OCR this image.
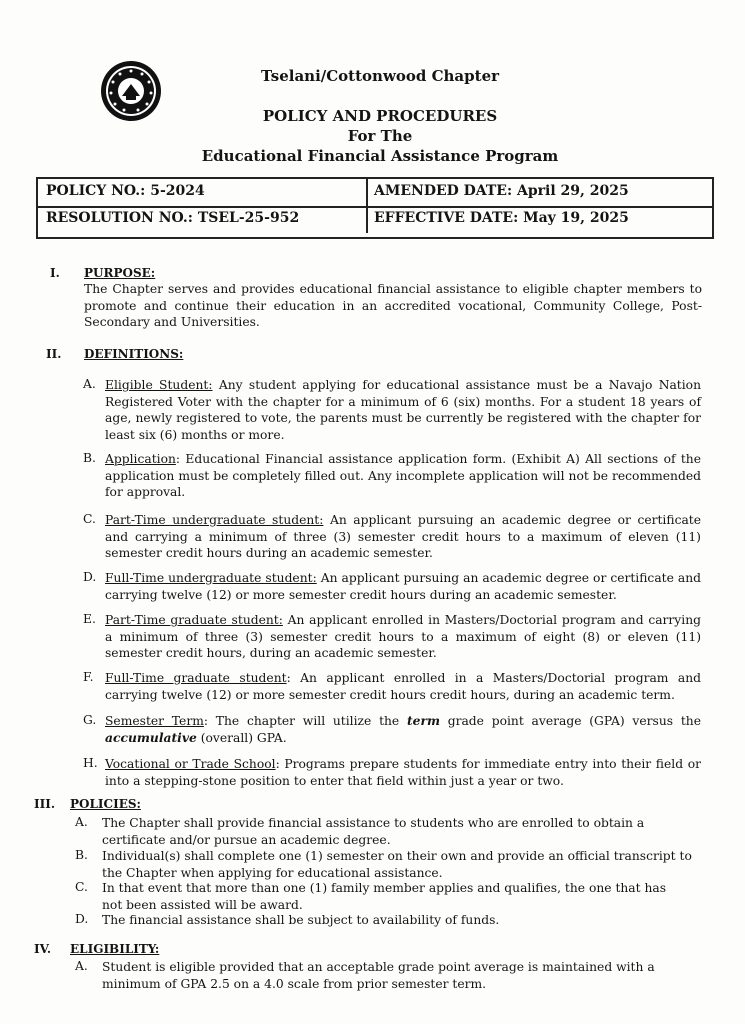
Tselani/Cottonwood Chapter
POLICY AND PROCEDURES
For The
Educational Financial Assistance Program
POLICY NO.: 5-2024	AMENDED DATE: April 29, 2025
RESOLUTION NO.: TSEL-25-952	EFFECTIVE DATE: May 19, 2025
I. PURPOSE:
The Chapter serves and provides educational financial assistance to eligible chapter members to promote and continue their education in an accredited vocational, Community College, Post-Secondary and Universities.
II. DEFINITIONS:
A. Eligible Student: Any student applying for educational assistance must be a Navajo Nation Registered Voter with the chapter for a minimum of 6 (six) months. For a student 18 years of age, newly registered to vote, the parents must be currently be registered with the chapter for least six (6) months or more.
B. Application: Educational Financial assistance application form. (Exhibit A) All sections of the application must be completely filled out. Any incomplete application will not be recommended for approval.
C. Part-Time undergraduate student: An applicant pursuing an academic degree or certificate and carrying a minimum of three (3) semester credit hours to a maximum of eleven (11) semester credit hours during an academic semester.
D. Full-Time undergraduate student: An applicant pursuing an academic degree or certificate and carrying twelve (12) or more semester credit hours during an academic semester.
E. Part-Time graduate student: An applicant enrolled in Masters/Doctorial program and carrying a minimum of three (3) semester credit hours to a maximum of eight (8) or eleven (11) semester credit hours, during an academic semester.
F. Full-Time graduate student: An applicant enrolled in a Masters/Doctorial program and carrying twelve (12) or more semester credit hours credit hours, during an academic term.
G. Semester Term: The chapter will utilize the term grade point average (GPA) versus the accumulative (overall) GPA.
H. Vocational or Trade School: Programs prepare students for immediate entry into their field or into a stepping-stone position to enter that field within just a year or two.
III. POLICIES:
A. The Chapter shall provide financial assistance to students who are enrolled to obtain a certificate and/or pursue an academic degree.
B. Individual(s) shall complete one (1) semester on their own and provide an official transcript to the Chapter when applying for educational assistance.
C. In that event that more than one (1) family member applies and qualifies, the one that has not been assisted will be award.
D. The financial assistance shall be subject to availability of funds.
IV. ELIGIBILITY:
A. Student is eligible provided that an acceptable grade point average is maintained with a minimum of GPA 2.5 on a 4.0 scale from prior semester term.
